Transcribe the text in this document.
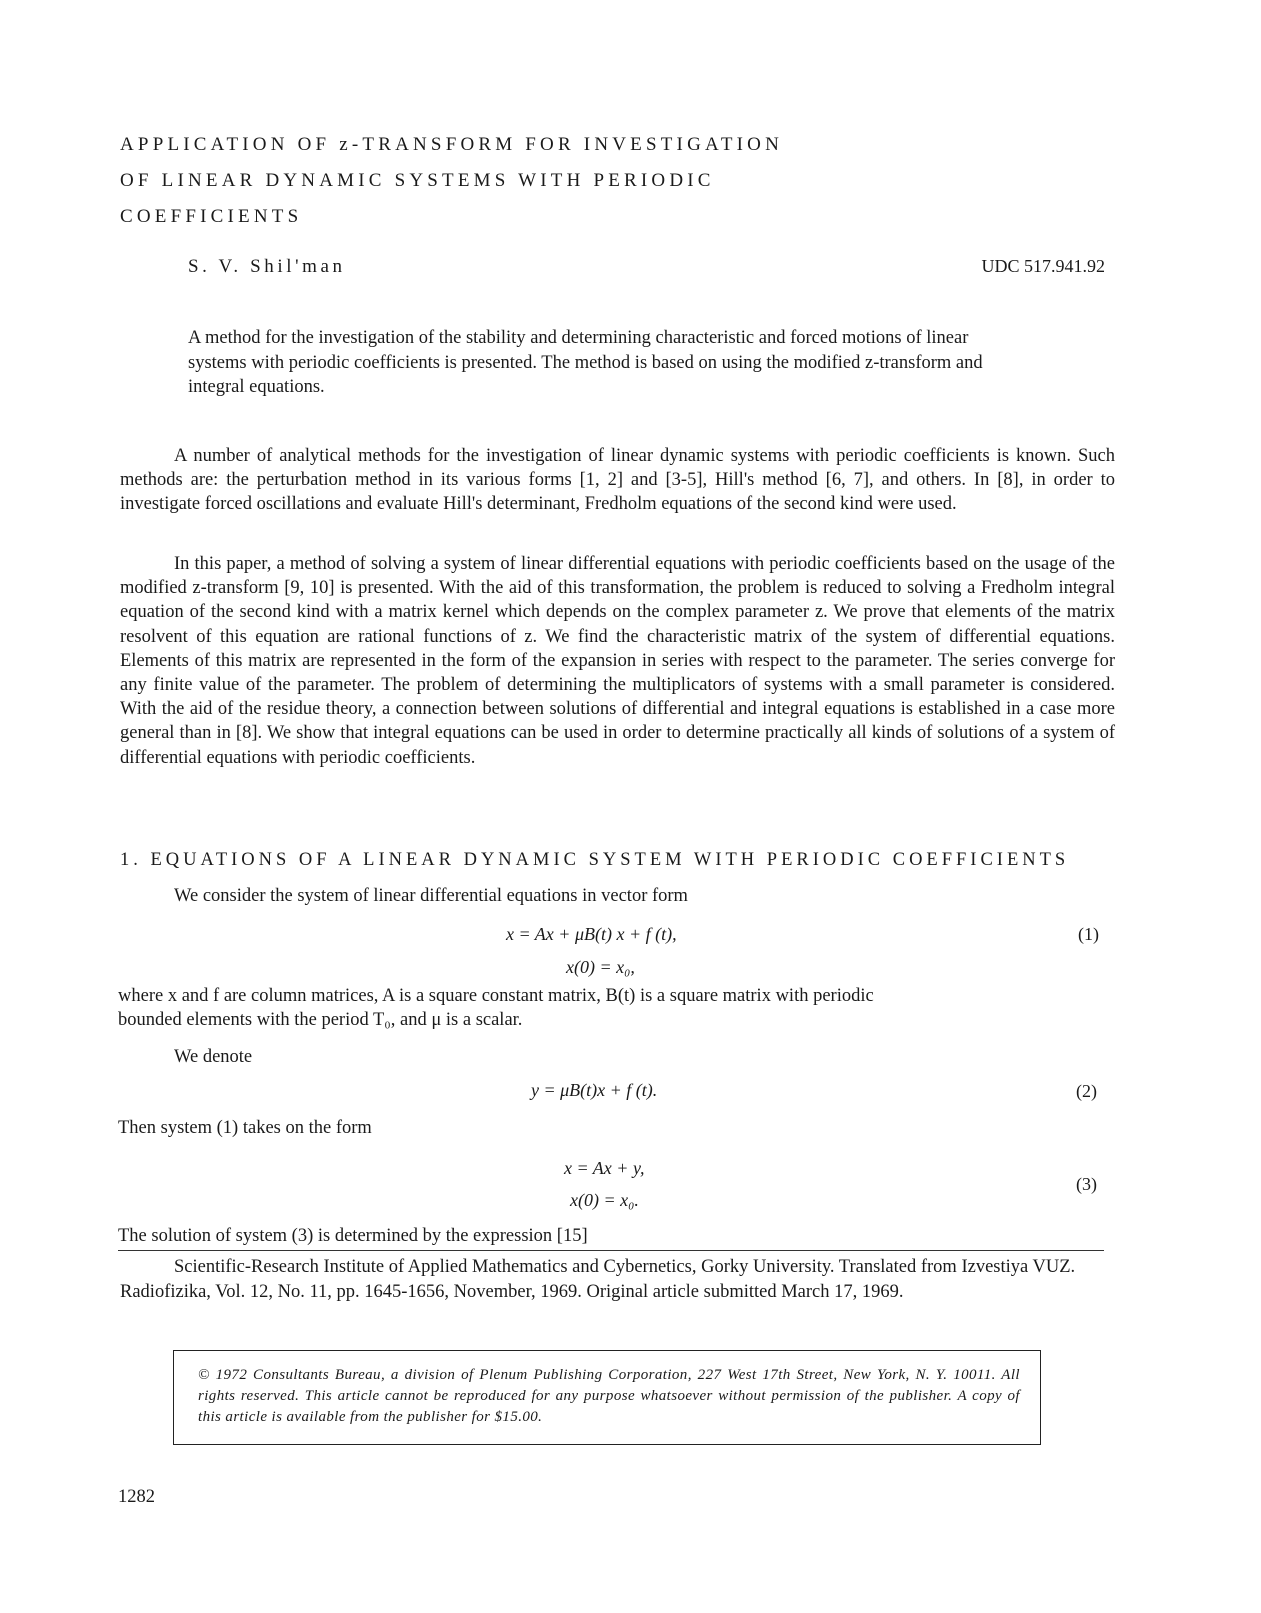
APPLICATION OF z-TRANSFORM FOR INVESTIGATION
OF LINEAR DYNAMIC SYSTEMS WITH PERIODIC
COEFFICIENTS
S. V. Shil'man	UDC 517.941.92

A method for the investigation of the stability and determining characteristic and forced motions of linear systems with periodic coefficients is presented. The method is based on using the modified z-transform and integral equations.

A number of analytical methods for the investigation of linear dynamic systems with periodic coefficients is known. Such methods are: the perturbation method in its various forms [1, 2] and [3-5], Hill's method [6, 7], and others. In [8], in order to investigate forced oscillations and evaluate Hill's determinant, Fredholm equations of the second kind were used.

In this paper, a method of solving a system of linear differential equations with periodic coefficients based on the usage of the modified z-transform [9, 10] is presented. With the aid of this transformation, the problem is reduced to solving a Fredholm integral equation of the second kind with a matrix kernel which depends on the complex parameter z. We prove that elements of the matrix resolvent of this equation are rational functions of z. We find the characteristic matrix of the system of differential equations. Elements of this matrix are represented in the form of the expansion in series with respect to the parameter. The series converge for any finite value of the parameter. The problem of determining the multiplicators of systems with a small parameter is considered. With the aid of the residue theory, a connection between solutions of differential and integral equations is established in a case more general than in [8]. We show that integral equations can be used in order to determine practically all kinds of solutions of a system of differential equations with periodic coefficients.

1. EQUATIONS OF A LINEAR DYNAMIC SYSTEM WITH PERIODIC COEFFICIENTS
We consider the system of linear differential equations in vector form
x = Ax + μB(t) x + f (t),
x(0) = x₀,
(1)
where x and f are column matrices, A is a square constant matrix, B(t) is a square matrix with periodic
bounded elements with the period T₀, and μ is a scalar.
We denote
y = μB(t)x + f (t).	(2)
Then system (1) takes on the form
x = Ax + y,
x(0) = x₀.
(3)
The solution of system (3) is determined by the expression [15]

Scientific-Research Institute of Applied Mathematics and Cybernetics, Gorky University. Translated from Izvestiya VUZ. Radiofizika, Vol. 12, No. 11, pp. 1645-1656, November, 1969. Original article submitted March 17, 1969.

© 1972 Consultants Bureau, a division of Plenum Publishing Corporation, 227 West 17th Street, New York, N. Y. 10011. All rights reserved. This article cannot be reproduced for any purpose whatsoever without permission of the publisher. A copy of this article is available from the publisher for $15.00.

1282
